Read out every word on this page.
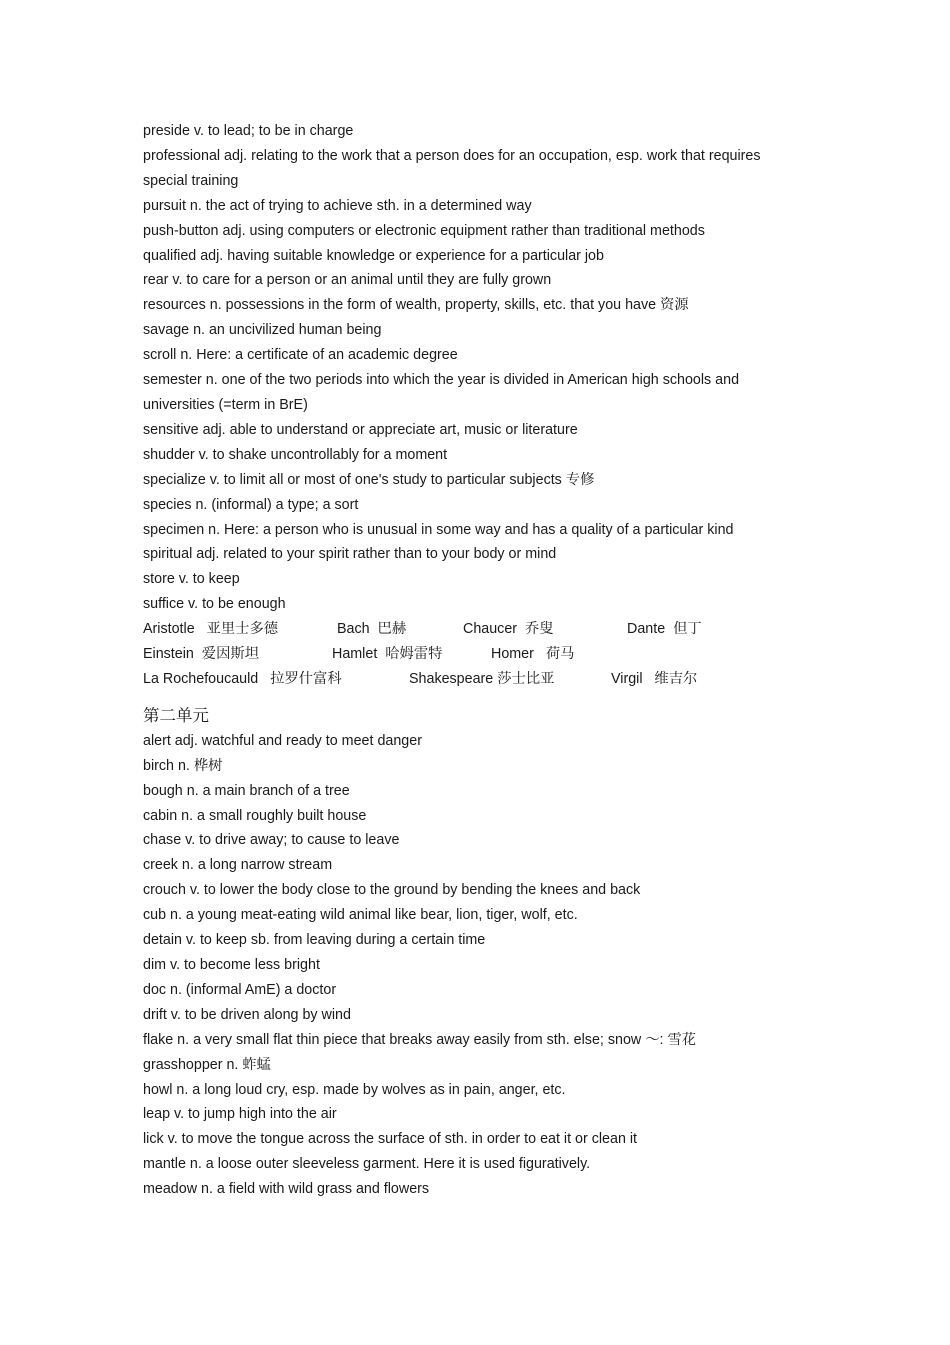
preside v. to lead; to be in charge

professional adj. relating to the work that a person does for an occupation, esp. work that requires special training

pursuit n. the act of trying to achieve sth. in a determined way

push-button adj. using computers or electronic equipment rather than traditional methods

qualified adj. having suitable knowledge or experience for a particular job

rear v. to care for a person or an animal until they are fully grown

resources n. possessions in the form of wealth, property, skills, etc. that you have 资源

savage n. an uncivilized human being

scroll n. Here: a certificate of an academic degree

semester n. one of the two periods into which the year is divided in American high schools and universities (=term in BrE)

sensitive adj. able to understand or appreciate art, music or literature

shudder v. to shake uncontrollably for a moment

specialize v. to limit all or most of one's study to particular subjects 专修

species n. (informal) a type; a sort

specimen n. Here: a person who is unusual in some way and has a quality of a particular kind

spiritual adj. related to your spirit rather than to your body or mind

store v. to keep

suffice v. to be enough

Aristotle   亚里士多德	Bach  巴赫	Chaucer  乔叟	Dante  但丁
Einstein  爱因斯坦	Hamlet  哈姆雷特	Homer   荷马
La Rochefoucauld   拉罗什富科	Shakespeare 莎士比亚	Virgil   维吉尔
第二单元

alert adj. watchful and ready to meet danger

birch n. 桦树

bough n. a main branch of a tree

cabin n. a small roughly built house

chase v. to drive away; to cause to leave

creek n. a long narrow stream

crouch v. to lower the body close to the ground by bending the knees and back

cub n. a young meat-eating wild animal like bear, lion, tiger, wolf, etc.

detain v. to keep sb. from leaving during a certain time

dim v. to become less bright

doc n. (informal AmE) a doctor

drift v. to be driven along by wind

flake n. a very small flat thin piece that breaks away easily from sth. else; snow ～: 雪花

grasshopper n. 蚱蜢

howl n. a long loud cry, esp. made by wolves as in pain, anger, etc.

leap v. to jump high into the air

lick v. to move the tongue across the surface of sth. in order to eat it or clean it

mantle n. a loose outer sleeveless garment. Here it is used figuratively.

meadow n. a field with wild grass and flowers
